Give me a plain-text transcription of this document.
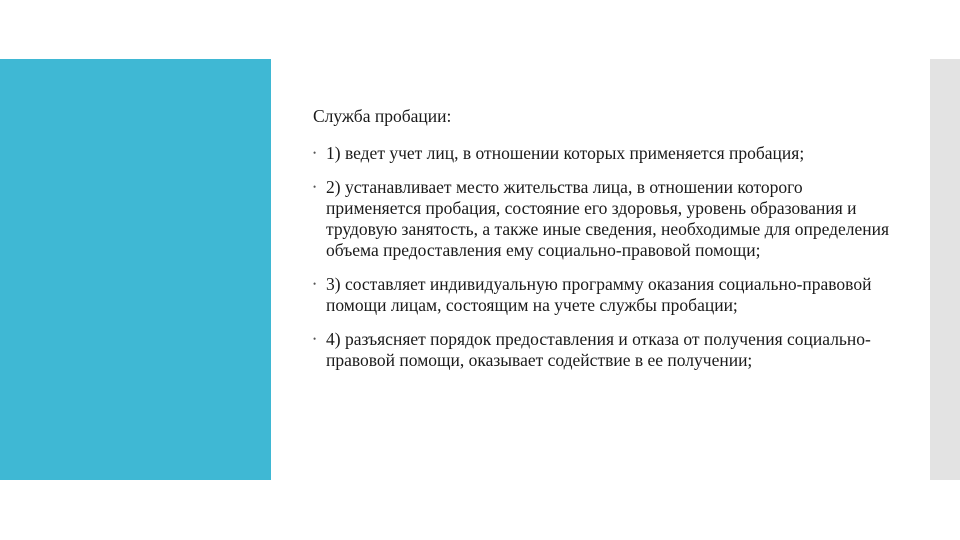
Служба пробации:

• 1) ведет учет лиц, в отношении которых применяется пробация;
• 2) устанавливает место жительства лица, в отношении которого применяется пробация, состояние его здоровья, уровень образования и трудовую занятость, а также иные сведения, необходимые для определения объема предоставления ему социально-правовой помощи;
• 3) составляет индивидуальную программу оказания социально-правовой помощи лицам, состоящим на учете службы пробации;
• 4) разъясняет порядок предоставления и отказа от получения социально-правовой помощи, оказывает содействие в ее получении;
